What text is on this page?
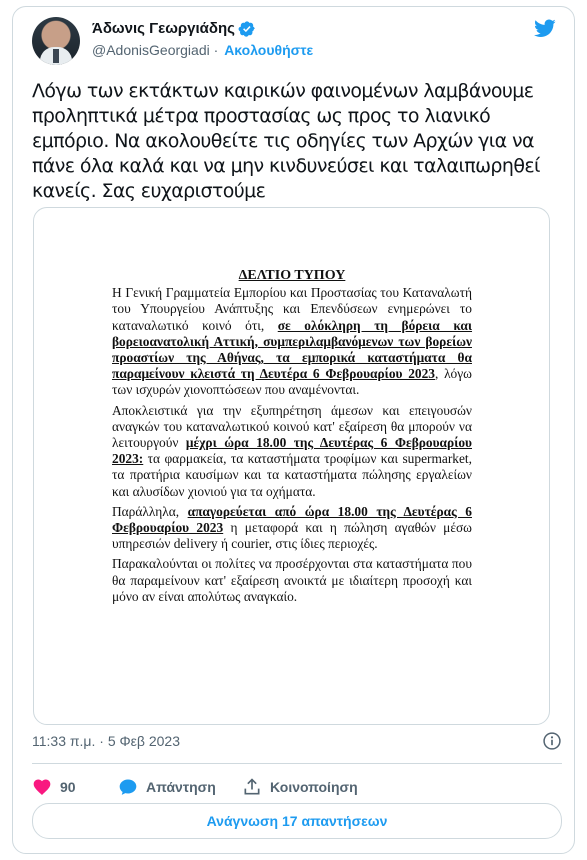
Άδωνις Γεωργιάδης
@AdonisGeorgiadi · Ακολουθήστε
Λόγω των εκτάκτων καιρικών φαινομένων λαμβάνουμε προληπτικά μέτρα προστασίας ως προς το λιανικό εμπόριο. Να ακολουθείτε τις οδηγίες των Αρχών για να πάνε όλα καλά και να μην κινδυνεύσει και ταλαιπωρηθεί κανείς. Σας ευχαριστούμε
ΔΕΛΤΙΟ ΤΥΠΟΥ

Η Γενική Γραμματεία Εμπορίου και Προστασίας του Καταναλωτή του Υπουργείου Ανάπτυξης και Επενδύσεων ενημερώνει το καταναλωτικό κοινό ότι, σε ολόκληρη τη βόρεια και βορειοανατολική Αττική, συμπεριλαμβανόμενων των βορείων προαστίων της Αθήνας, τα εμπορικά καταστήματα θα παραμείνουν κλειστά τη Δευτέρα 6 Φεβρουαρίου 2023, λόγω των ισχυρών χιονοπτώσεων που αναμένονται.

Αποκλειστικά για την εξυπηρέτηση άμεσων και επειγουσών αναγκών του καταναλωτικού κοινού κατ' εξαίρεση θα μπορούν να λειτουργούν μέχρι ώρα 18.00 της Δευτέρας 6 Φεβρουαρίου 2023: τα φαρμακεία, τα καταστήματα τροφίμων και supermarket, τα πρατήρια καυσίμων και τα καταστήματα πώλησης εργαλείων και αλυσίδων χιονιού για τα οχήματα.

Παράλληλα, απαγορεύεται από ώρα 18.00 της Δευτέρας 6 Φεβρουαρίου 2023 η μεταφορά και η πώληση αγαθών μέσω υπηρεσιών delivery ή courier, στις ίδιες περιοχές.

Παρακαλούνται οι πολίτες να προσέρχονται στα καταστήματα που θα παραμείνουν κατ' εξαίρεση ανοικτά με ιδιαίτερη προσοχή και μόνο αν είναι απολύτως αναγκαίο.

11:33 π.μ. · 5 Φεβ 2023
90	Απάντηση	Κοινοποίηση
Ανάγνωση 17 απαντήσεων
